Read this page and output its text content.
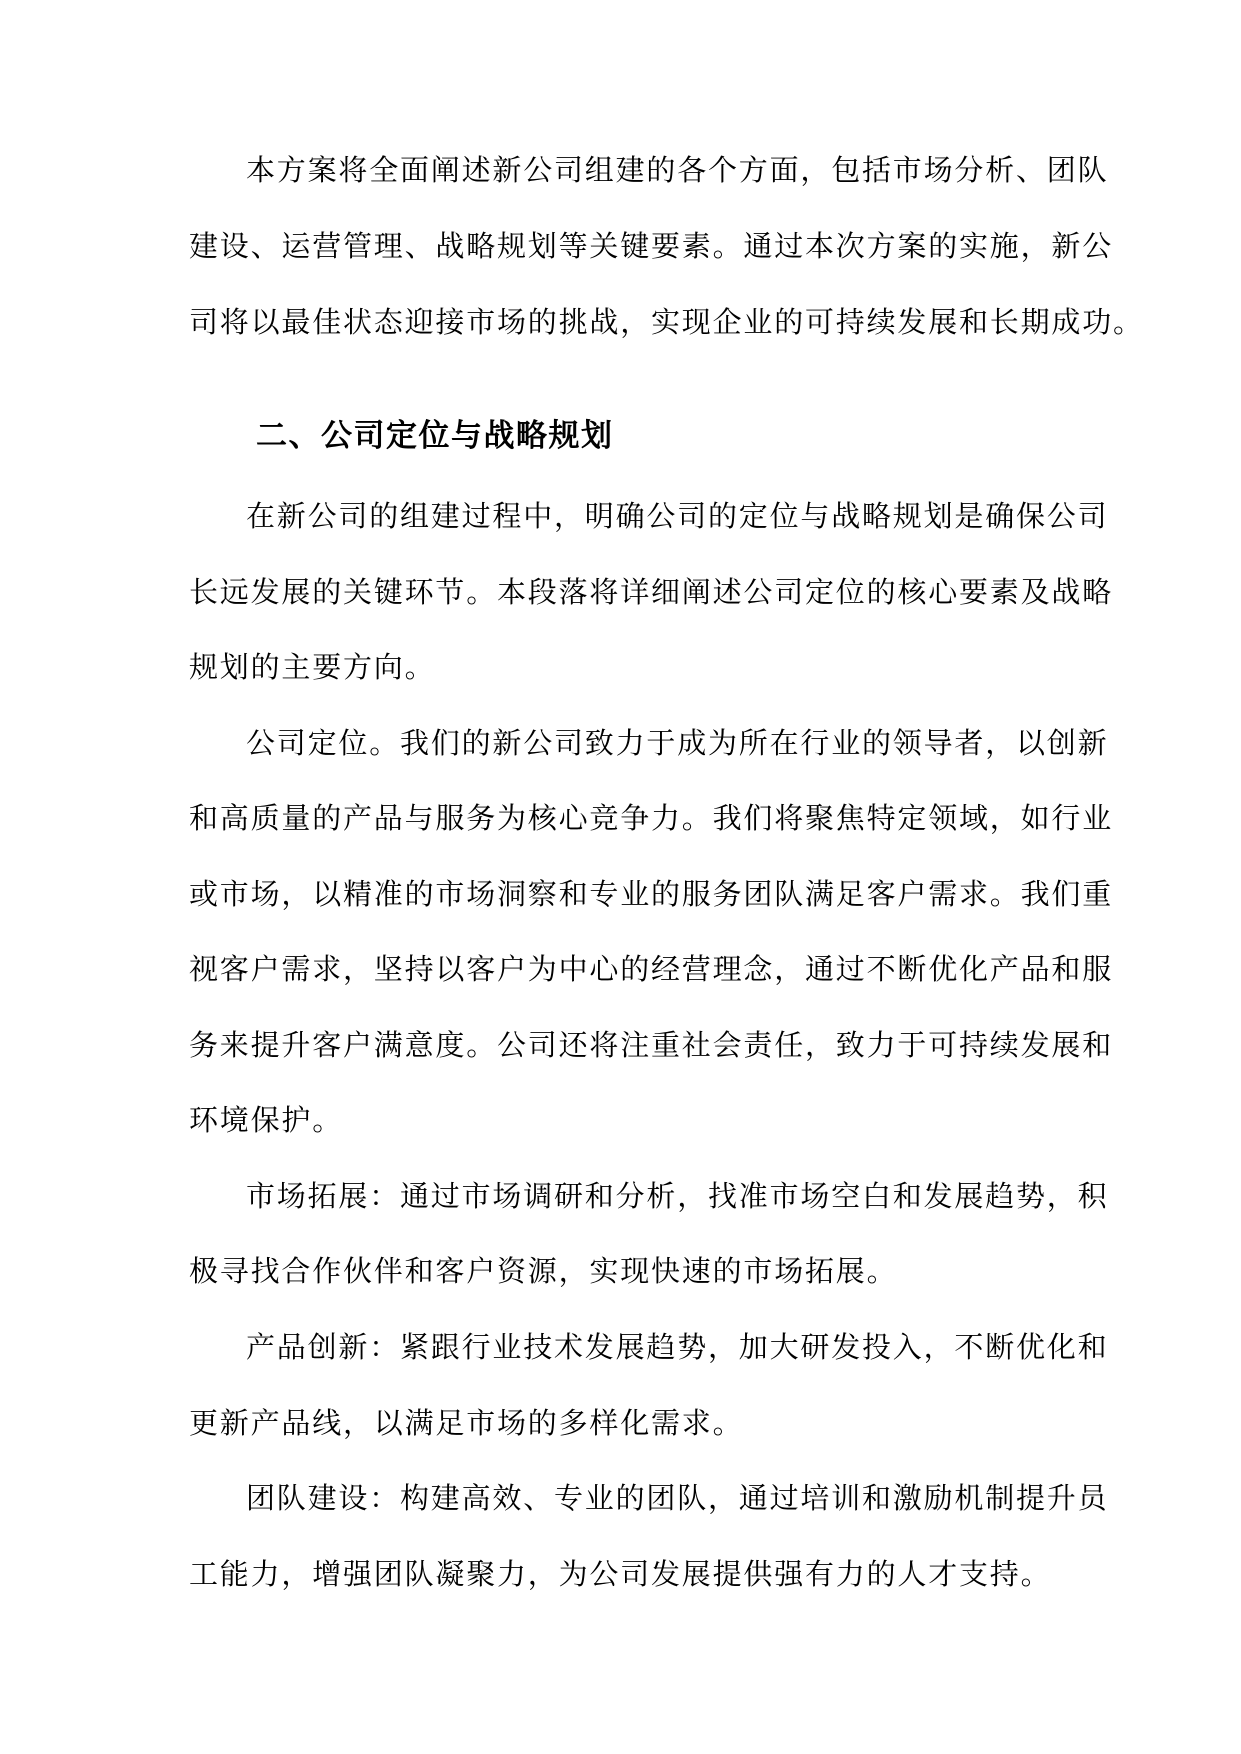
本方案将全面阐述新公司组建的各个方面，包括市场分析、团队
建设、运营管理、战略规划等关键要素。通过本次方案的实施，新公
司将以最佳状态迎接市场的挑战，实现企业的可持续发展和长期成功。
二、公司定位与战略规划
在新公司的组建过程中，明确公司的定位与战略规划是确保公司
长远发展的关键环节。本段落将详细阐述公司定位的核心要素及战略
规划的主要方向。
公司定位。我们的新公司致力于成为所在行业的领导者，以创新
和高质量的产品与服务为核心竞争力。我们将聚焦特定领域，如行业
或市场，以精准的市场洞察和专业的服务团队满足客户需求。我们重
视客户需求，坚持以客户为中心的经营理念，通过不断优化产品和服
务来提升客户满意度。公司还将注重社会责任，致力于可持续发展和
环境保护。
市场拓展：通过市场调研和分析，找准市场空白和发展趋势，积
极寻找合作伙伴和客户资源，实现快速的市场拓展。
产品创新：紧跟行业技术发展趋势，加大研发投入，不断优化和
更新产品线，以满足市场的多样化需求。
团队建设：构建高效、专业的团队，通过培训和激励机制提升员
工能力，增强团队凝聚力，为公司发展提供强有力的人才支持。
